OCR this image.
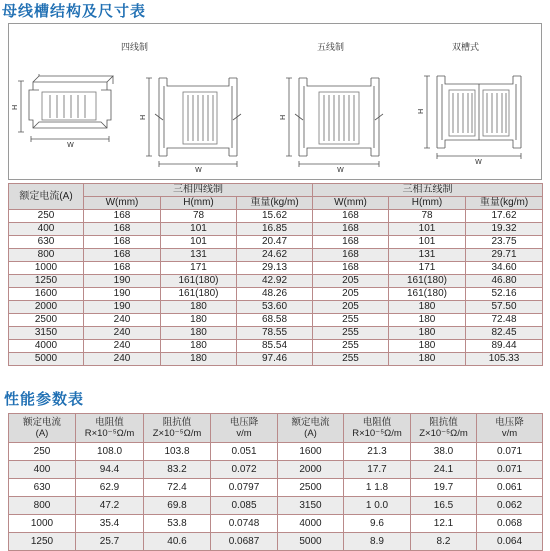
母线槽结构及尺寸表
四线制	五线制	双槽式
H
W
H
W
H
W
H
W
额定电流(A)	三相四线制			三相五线制		
	W(mm)	H(mm)	重量(kg/m)	W(mm)	H(mm)	重量(kg/m)
250	168	78	15.62	168	78	17.62
400	168	101	16.85	168	101	19.32
630	168	101	20.47	168	101	23.75
800	168	131	24.62	168	131	29.71
1000	168	171	29.13	168	171	34.60
1250	190	161(180)	42.92	205	161(180)	46.80
1600	190	161(180)	48.26	205	161(180)	52.16
2000	190	180	53.60	205	180	57.50
2500	240	180	68.58	255	180	72.48
3150	240	180	78.55	255	180	82.45
4000	240	180	85.54	255	180	89.44
5000	240	180	97.46	255	180	105.33
性能参数表
额定电流
(A)	电阻值
R×10⁻⁵Ω/m	阻抗值
Z×10⁻⁵Ω/m	电压降
v/m	额定电流
(A)	电阻值
R×10⁻⁵Ω/m	阻抗值
Z×10⁻⁵Ω/m	电压降
v/m

250	108.0	103.8	0.051	1600	21.3	38.0	0.071
400	94.4	83.2	0.072	2000	17.7	24.1	0.071
630	62.9	72.4	0.0797	2500	1 1.8	19.7	0.061
800	47.2	69.8	0.085	3150	1 0.0	16.5	0.062
1000	35.4	53.8	0.0748	4000	9.6	12.1	0.068
1250	25.7	40.6	0.0687	5000	8.9	8.2	0.064
